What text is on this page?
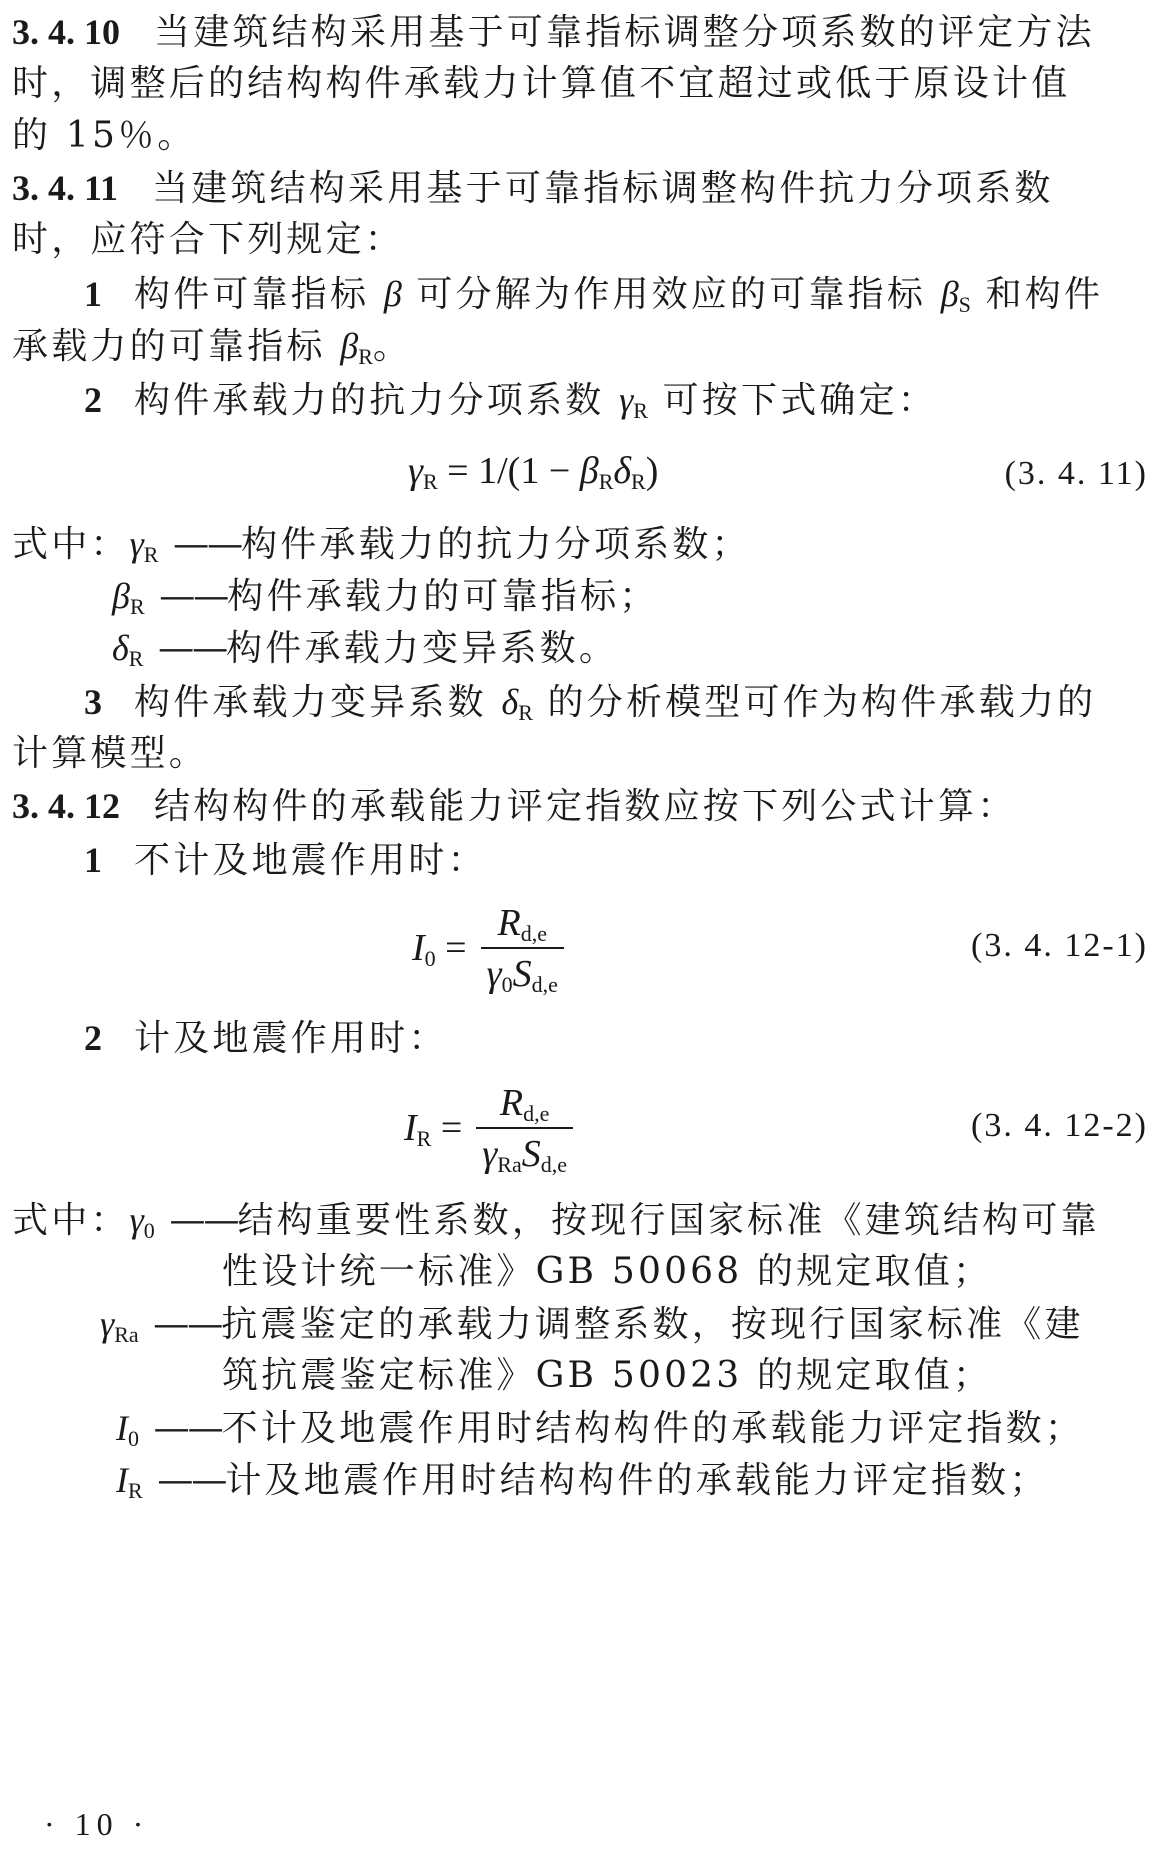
3. 4. 10 当建筑结构采用基于可靠指标调整分项系数的评定方法
时，调整后的结构构件承载力计算值不宜超过或低于原设计值
的 15％。
3. 4. 11 当建筑结构采用基于可靠指标调整构件抗力分项系数
时，应符合下列规定：
1 构件可靠指标 β 可分解为作用效应的可靠指标 $\beta_S$ 和构件
承载力的可靠指标 $\beta_R$。
2 构件承载力的抗力分项系数 $\gamma_R$ 可按下式确定：
$\gamma_R = 1/(1 - \beta_R\delta_R)$	(3. 4. 11)
式中：$\gamma_R$ ——构件承载力的抗力分项系数；
$\beta_R$ ——构件承载力的可靠指标；
$\delta_R$ ——构件承载力变异系数。
3 构件承载力变异系数 $\delta_R$ 的分析模型可作为构件承载力的
计算模型。
3. 4. 12 结构构件的承载能力评定指数应按下列公式计算：
1 不计及地震作用时：
$I_0 = \frac{R_{d,e}}{\gamma_0S_{d,e}}$	(3. 4. 12-1)
2 计及地震作用时：
$I_R = \frac{R_{d,e}}{\gamma_{Ra}S_{d,e}}$	(3. 4. 12-2)
式中：$\gamma_0$ ——结构重要性系数，按现行国家标准《建筑结构可靠
性设计统一标准》GB 50068 的规定取值；
$\gamma_{Ra}$ ——抗震鉴定的承载力调整系数，按现行国家标准《建
筑抗震鉴定标准》GB 50023 的规定取值；
$I_0$ ——不计及地震作用时结构构件的承载能力评定指数；
$I_R$ ——计及地震作用时结构构件的承载能力评定指数；
· 10 ·
